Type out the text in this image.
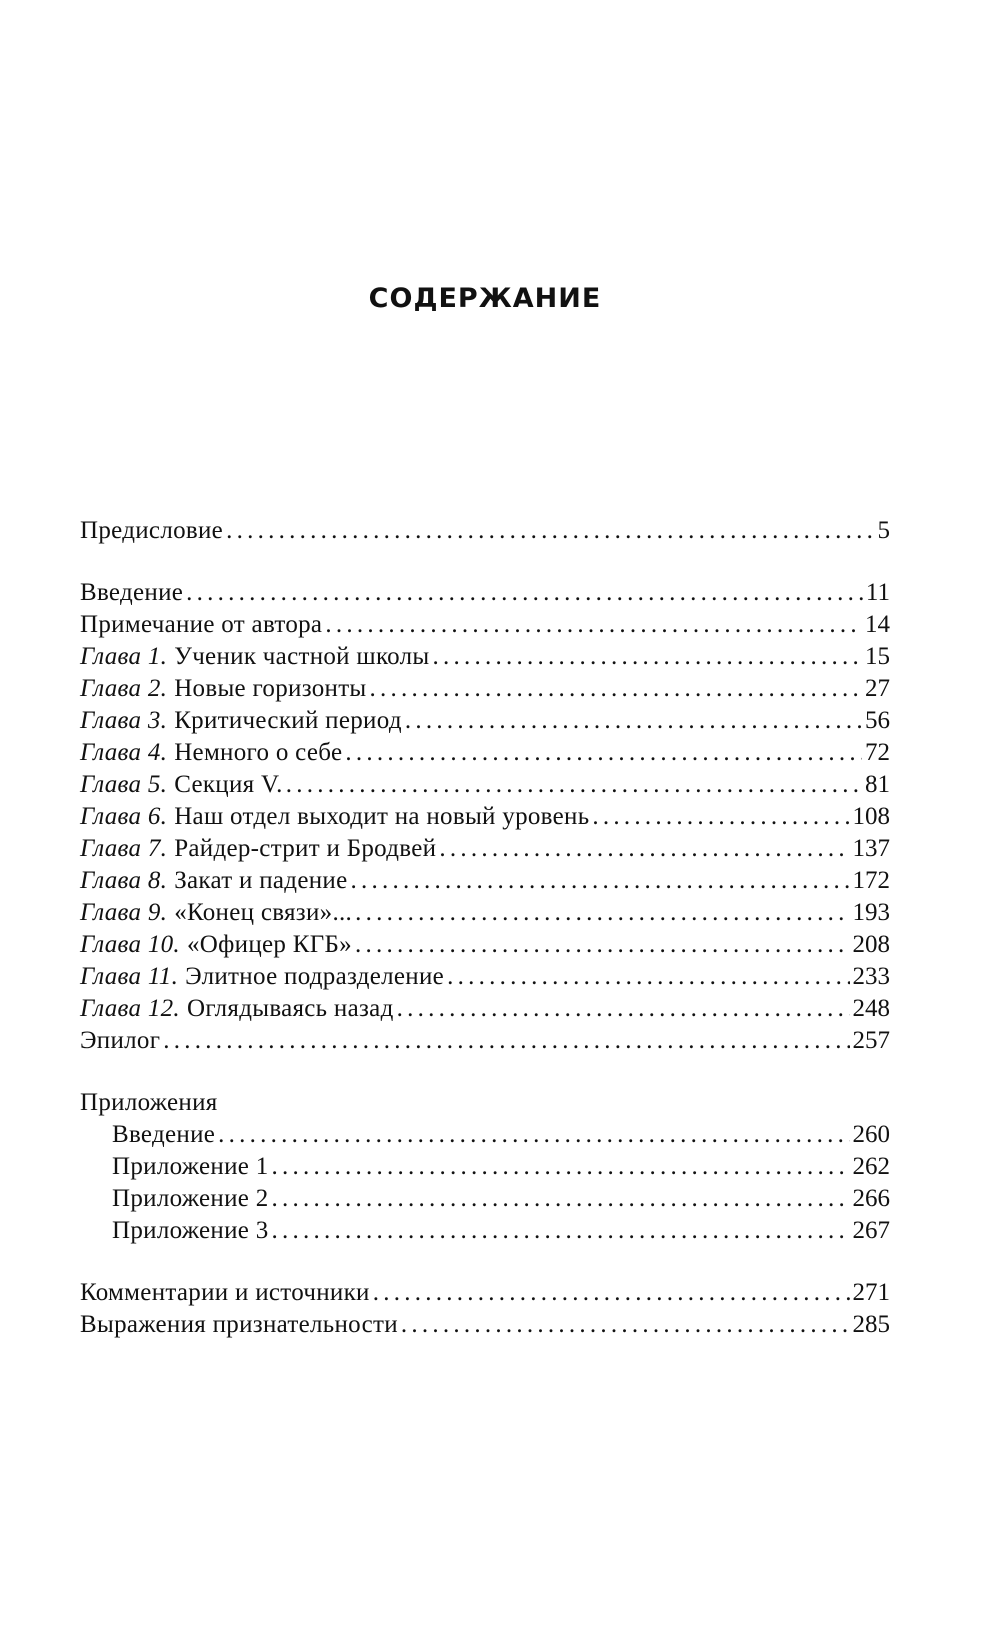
СОДЕРЖАНИЕ
Предисловие . . .	5
Введение . . .	11
Примечание от автора . . .	14
Глава 1. Ученик частной школы . . .	15
Глава 2. Новые горизонты . . .	27
Глава 3. Критический период . . .	56
Глава 4. Немного о себе . . .	72
Глава 5. Секция V. . . .	81
Глава 6. Наш отдел выходит на новый уровень . . .	108
Глава 7. Райдер-стрит и Бродвей . . .	137
Глава 8. Закат и падение . . .	172
Глава 9. «Конец связи»... . . .	193
Глава 10. «Офицер КГБ» . . .	208
Глава 11. Элитное подразделение . . .	233
Глава 12. Оглядываясь назад . . .	248
Эпилог . . .	257
Приложения
Введение . . .	260
Приложение 1 . . .	262
Приложение 2 . . .	266
Приложение 3 . . .	267
Комментарии и источники . . .	271
Выражения признательности . . .	285
